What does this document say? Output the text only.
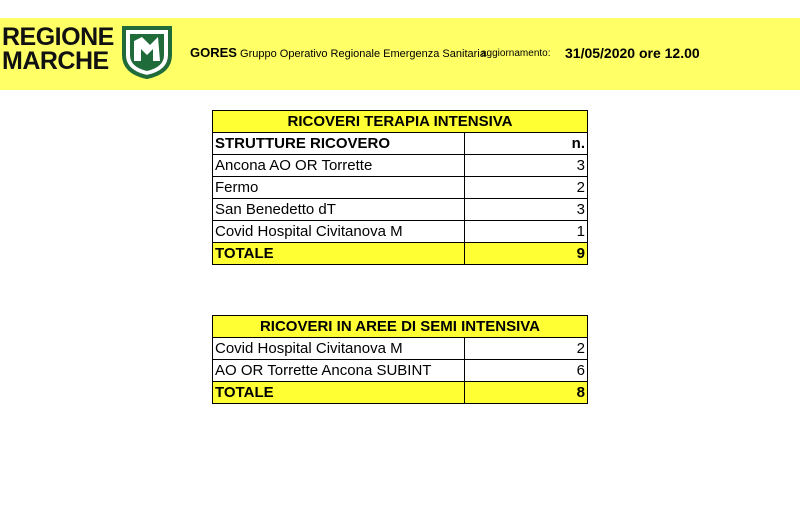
REGIONE
MARCHE	GORES Gruppo Operativo Regionale Emergenza Sanitaria
aggiornamento: 31/05/2020 ore 12.00
RICOVERI TERAPIA INTENSIVA	
STRUTTURE RICOVERO	n.
Ancona AO OR Torrette	3
Fermo	2
San Benedetto dT	3
Covid Hospital Civitanova M	1
TOTALE	9
RICOVERI IN AREE DI SEMI INTENSIVA	
Covid Hospital Civitanova M	2
AO OR Torrette Ancona SUBINT	6
TOTALE	8
